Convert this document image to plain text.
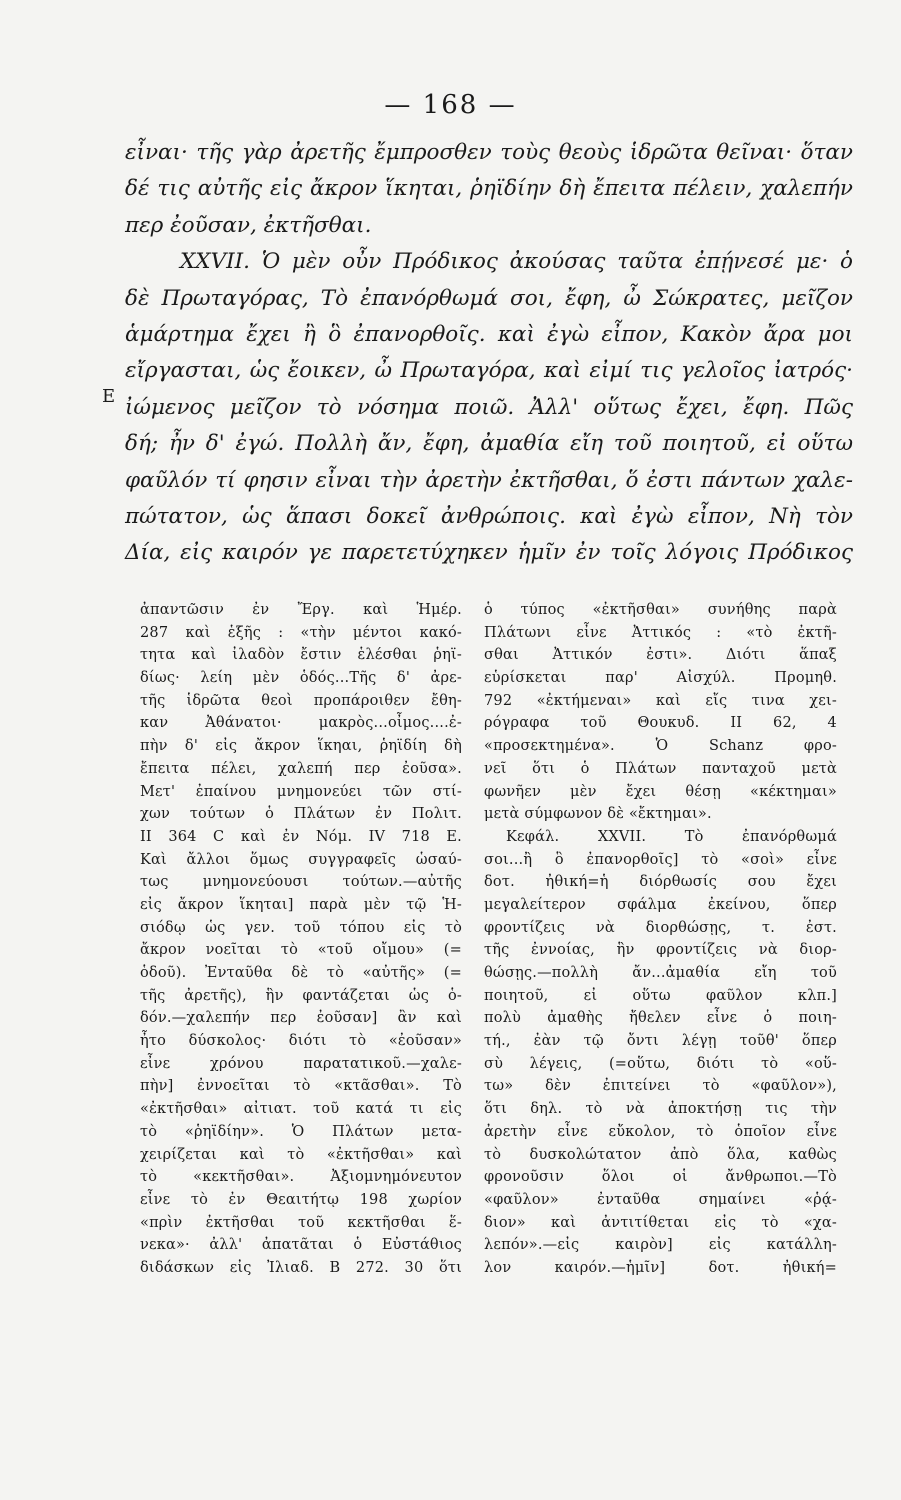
— 168 —
E
εἶναι· τῆς γὰρ ἀρετῆς ἔμπροσθεν τοὺς θεοὺς ἱδρῶτα θεῖναι· ὅταν
δέ τις αὐτῆς εἰς ἄκρον ἵκηται, ῥηϊδίην δὴ ἔπειτα πέλειν, χαλεπήν
περ ἐοῦσαν, ἐκτῆσθαι.
XXVII. Ὁ μὲν οὖν Πρόδικος ἀκούσας ταῦτα ἐπῄνεσέ με· ὁ
δὲ Πρωταγόρας, Τὸ ἐπανόρθωμά σοι, ἔφη, ὦ Σώκρατες, μεῖζον
ἁμάρτημα ἔχει ἢ ὃ ἐπανορθοῖς. καὶ ἐγὼ εἶπον, Κακὸν ἄρα μοι
εἴργασται, ὡς ἔοικεν, ὦ Πρωταγόρα, καὶ εἰμί τις γελοῖος ἰατρός·
ἰώμενος μεῖζον τὸ νόσημα ποιῶ. Ἀλλ' οὕτως ἔχει, ἔφη. Πῶς
δή; ἦν δ' ἐγώ. Πολλὴ ἄν, ἔφη, ἀμαθία εἴη τοῦ ποιητοῦ, εἰ οὕτω
φαῦλόν τί φησιν εἶναι τὴν ἀρετὴν ἐκτῆσθαι, ὅ ἐστι πάντων χαλε-
πώτατον, ὡς ἅπασι δοκεῖ ἀνθρώποις. καὶ ἐγὼ εἶπον, Νὴ τὸν
Δία, εἰς καιρόν γε παρετετύχηκεν ἡμῖν ἐν τοῖς λόγοις Πρόδικος
ἀπαντῶσιν ἐν Ἔργ. καὶ Ἡμέρ.
287 καὶ ἑξῆς : «τὴν μέντοι κακό-
τητα καὶ ἰλαδὸν ἔστιν ἑλέσθαι ῥηϊ-
δίως· λείη μὲν ὁδός...Τῆς δ' ἀρε-
τῆς ἱδρῶτα θεοὶ προπάροιθεν ἔθη-
καν Ἀθάνατοι· μακρὸς...οἶμος....ἐ-
πὴν δ' εἰς ἄκρον ἵκηαι, ῥηϊδίη δὴ
ἔπειτα πέλει, χαλεπή περ ἐοῦσα».
Μετ' ἐπαίνου μνημονεύει τῶν στί-
χων τούτων ὁ Πλάτων ἐν Πολιτ.
II 364 C καὶ ἐν Νόμ. IV 718 E.
Καὶ ἄλλοι ὅμως συγγραφεῖς ὡσαύ-
τως μνημονεύουσι τούτων.—αὐτῆς
εἰς ἄκρον ἵκηται] παρὰ μὲν τῷ Ἡ-
σιόδῳ ὡς γεν. τοῦ τόπου εἰς τὸ
ἄκρον νοεῖται τὸ «τοῦ οἴμου» (=
ὁδοῦ). Ἐνταῦθα δὲ τὸ «αὐτῆς» (=
τῆς ἀρετῆς), ἣν φαντάζεται ὡς ὁ-
δόν.—χαλεπήν περ ἐοῦσαν] ἂν καὶ
ἦτο δύσκολος· διότι τὸ «ἐοῦσαν»
εἶνε χρόνου παρατατικοῦ.—χαλε-
πὴν] ἐννοεῖται τὸ «κτᾶσθαι». Τὸ
«ἐκτῆσθαι» αἰτιατ. τοῦ κατά τι εἰς
τὸ «ῥηϊδίην». Ὁ Πλάτων μετα-
χειρίζεται καὶ τὸ «ἐκτῆσθαι» καὶ
τὸ «κεκτῆσθαι». Ἀξιομνημόνευτον
εἶνε τὸ ἐν Θεαιτήτῳ 198 χωρίον
«πρὶν ἐκτῆσθαι τοῦ κεκτῆσθαι ἕ-
νεκα»· ἀλλ' ἀπατᾶται ὁ Εὐστάθιος
διδάσκων εἰς Ἰλιαδ. B 272. 30 ὅτι
ὁ τύπος «ἐκτῆσθαι» συνήθης παρὰ
Πλάτωνι εἶνε Ἀττικός : «τὸ ἐκτῆ-
σθαι Ἀττικόν ἐστι». Διότι ἅπαξ
εὑρίσκεται παρ' Αἰσχύλ. Προμηθ.
792 «ἐκτήμεναι» καὶ εἴς τινα χει-
ρόγραφα τοῦ Θουκυδ. II 62, 4
«προσεκτημένα». Ὁ Schanz φρο-
νεῖ ὅτι ὁ Πλάτων πανταχοῦ μετὰ
φωνῆεν μὲν ἔχει θέσῃ «κέκτημαι»
μετὰ σύμφωνον δὲ «ἔκτημαι».
Κεφάλ. XXVII. Τὸ ἐπανόρθωμά
σοι...ἢ ὃ ἐπανορθοῖς] τὸ «σοὶ» εἶνε
δοτ. ἠθική=ἡ διόρθωσίς σου ἔχει
μεγαλείτερον σφάλμα ἐκείνου, ὅπερ
φροντίζεις νὰ διορθώσῃς, τ. ἐστ.
τῆς ἐννοίας, ἣν φροντίζεις νὰ διορ-
θώσῃς.—πολλὴ ἄν...ἀμαθία εἴη τοῦ
ποιητοῦ, εἰ οὕτω φαῦλον κλπ.]
πολὺ ἀμαθὴς ἤθελεν εἶνε ὁ ποιη-
τή., ἐὰν τῷ ὄντι λέγῃ τοῦθ' ὅπερ
σὺ λέγεις, (=οὕτω, διότι τὸ «οὕ-
τω» δὲν ἐπιτείνει τὸ «φαῦλον»),
ὅτι δηλ. τὸ νὰ ἀποκτήσῃ τις τὴν
ἀρετὴν εἶνε εὔκολον, τὸ ὁποῖον εἶνε
τὸ δυσκολώτατον ἀπὸ ὅλα, καθὼς
φρονοῦσιν ὅλοι οἱ ἄνθρωποι.—Τὸ
«φαῦλον» ἐνταῦθα σημαίνει «ῥᾴ-
διον» καὶ ἀντιτίθεται εἰς τὸ «χα-
λεπόν».—εἰς καιρὸν] εἰς κατάλλη-
λον καιρόν.—ἡμῖν] δοτ. ἠθική=
